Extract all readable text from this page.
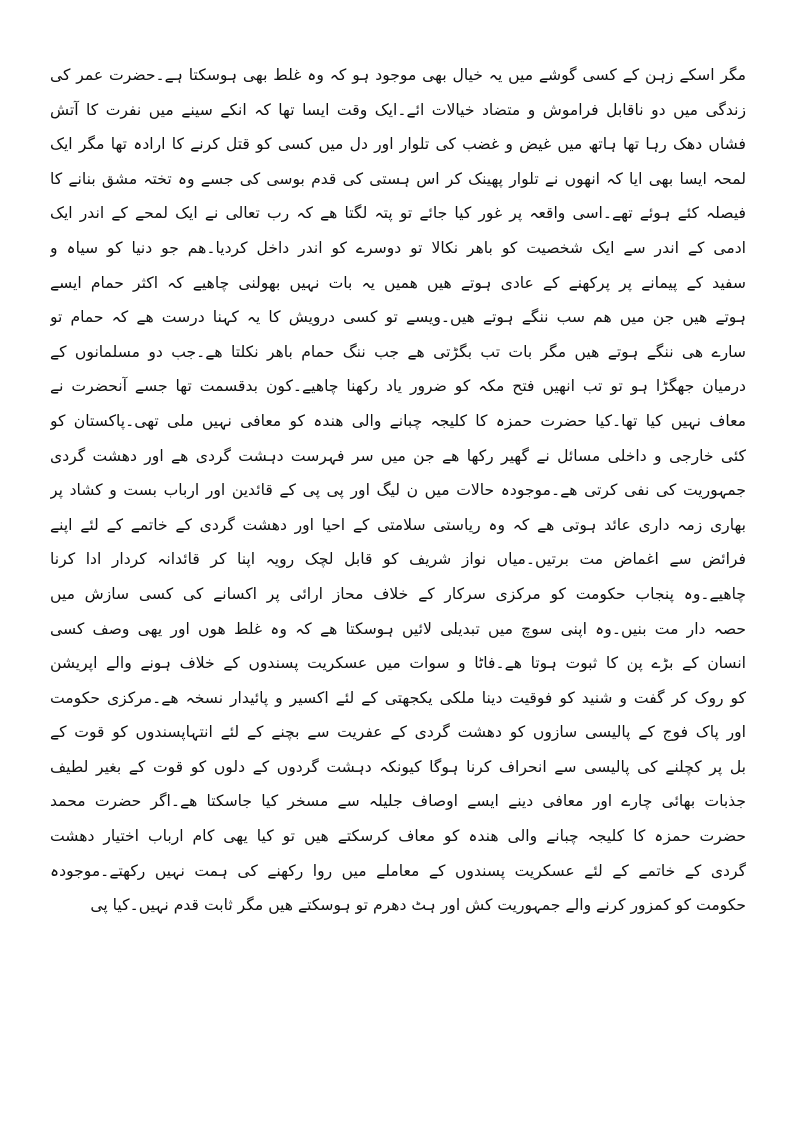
مگر اسکے زہن کے کسی گوشے میں یہ خیال بھی موجود ہو کہ وہ غلط بھی ہوسکتا ہے۔حضرت عمر کی
زندگی میں دو ناقابل فراموش و متضاد خیالات ائے۔ایک وقت ایسا تھا کہ انکے سینے میں نفرت کا آتش
فشاں دھک رہا تھا ہاتھ میں غیض و غضب کی تلوار اور دل میں کسی کو قتل کرنے کا ارادہ تھا مگر ایک
لمحہ ایسا بھی ایا کہ انھوں نے تلوار پھینک کر اس ہستی کی قدم بوسی کی جسے وہ تختہ مشق بنانے کا
فیصلہ کئے ہوئے تھے۔اسی واقعہ پر غور کیا جائے تو پتہ لگتا ھے کہ رب تعالی نے ایک لمحے کے اندر ایک
ادمی کے اندر سے ایک شخصیت کو باھر نکالا تو دوسرے کو اندر داخل کردیا۔ھم جو دنیا کو سیاہ و
سفید کے پیمانے پر پرکھنے کے عادی ہوتے ھیں ھمیں یہ بات نہیں بھولنی چاھیے کہ اکثر حمام ایسے
ہوتے ھیں جن میں ھم سب ننگے ہوتے ھیں۔ویسے تو کسی درویش کا یہ کہنا درست ھے کہ حمام تو
سارے ھی ننگے ہوتے ھیں مگر بات تب بگڑتی ھے جب ننگ حمام باھر نکلتا ھے۔جب دو مسلمانوں کے
درمیان جھگڑا ہو تو تب انھیں فتح مکہ کو ضرور یاد رکھنا چاھیے۔کون بدقسمت تھا جسے آنحضرت نے
معاف نہیں کیا تھا۔کیا حضرت حمزہ کا کلیجہ چبانے والی ھندہ کو معافی نہیں ملی تھی۔پاکستان کو
کئی خارجی و داخلی مسائل نے گھیر رکھا ھے جن میں سر فہرست دہشت گردی ھے اور دھشت گردی
جمہوریت کی نفی کرتی ھے۔موجودہ حالات میں ن لیگ اور پی پی کے قائدین اور ارباب بست و کشاد پر
بھاری زمہ داری عائد ہوتی ھے کہ وہ ریاستی سلامتی کے احیا اور دھشت گردی کے خاتمے کے لئے اپنے
فرائض سے اغماض مت برتیں۔میاں نواز شریف کو قابل لچک رویہ اپنا کر قائدانہ کردار ادا کرنا
چاھیے۔وہ پنجاب حکومت کو مرکزی سرکار کے خلاف محاز ارائی پر اکسانے کی کسی سازش میں
حصہ دار مت بنیں۔وہ اپنی سوچ میں تبدیلی لائیں ہوسکتا ھے کہ وہ غلط ھوں اور یھی وصف کسی
انسان کے بڑے پن کا ثبوت ہوتا ھے۔فاٹا و سوات میں عسکریت پسندوں کے خلاف ہونے والے اپریشن
کو روک کر گفت و شنید کو فوقیت دینا ملکی یکجھتی کے لئے اکسیر و پائیدار نسخہ ھے۔مرکزی حکومت
اور پاک فوج کے پالیسی سازوں کو دھشت گردی کے عفریت سے بچنے کے لئے انتہاپسندوں کو قوت کے
بل پر کچلنے کی پالیسی سے انحراف کرنا ہوگا کیونکہ دہشت گردوں کے دلوں کو قوت کے بغیر لطیف
جذبات بھائی چارے اور معافی دینے ایسے اوصاف جلیلہ سے مسخر کیا جاسکتا ھے۔اگر حضرت محمد
حضرت حمزہ کا کلیجہ چبانے والی ھندہ کو معاف کرسکتے ھیں تو کیا یھی کام ارباب اختیار دھشت
گردی کے خاتمے کے لئے عسکریت پسندوں کے معاملے میں روا رکھنے کی ہمت نہیں رکھتے۔موجودہ
حکومت کو کمزور کرنے والے جمہوریت کش اور ہٹ دھرم تو ہوسکتے ھیں مگر ثابت قدم نہیں۔کیا پی
